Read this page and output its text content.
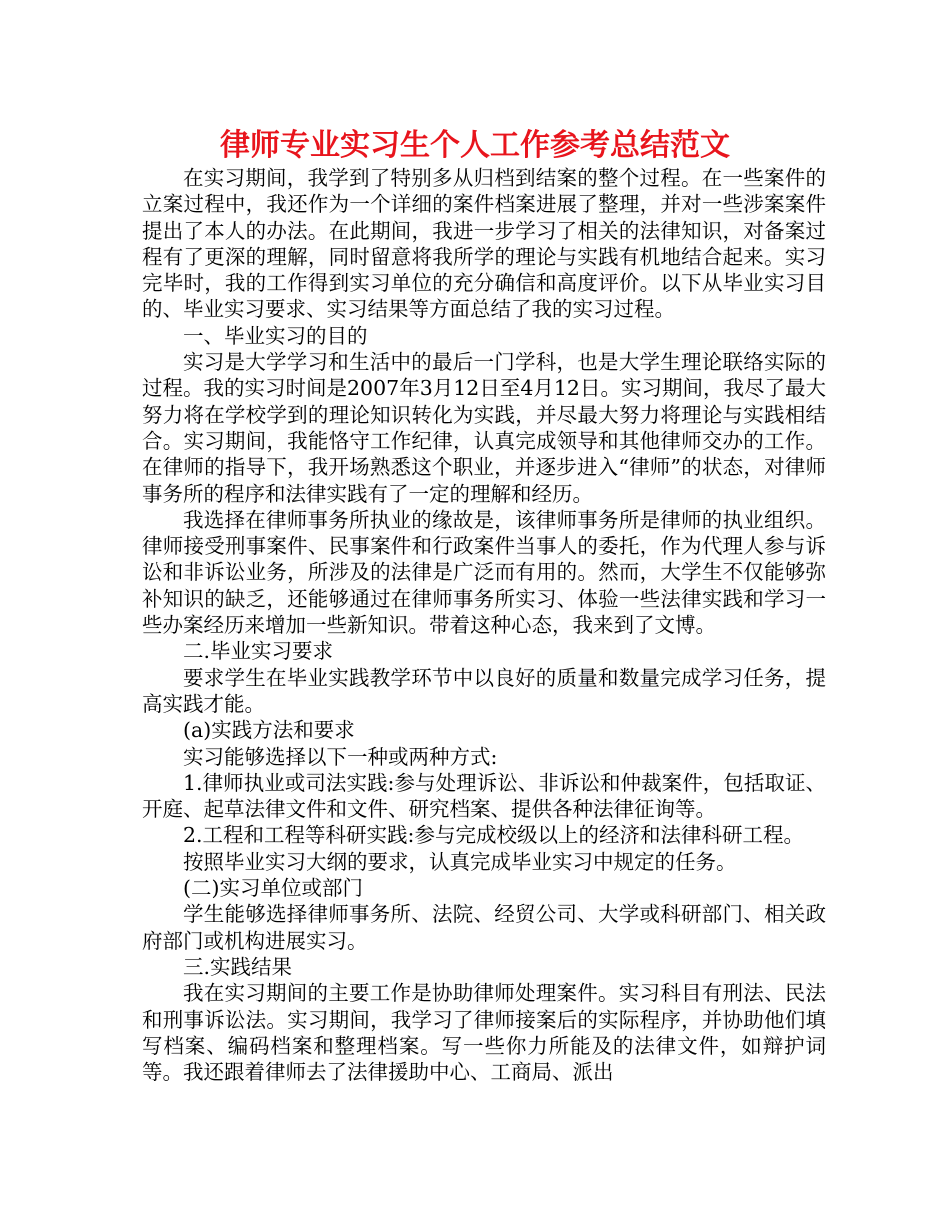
律师专业实习生个人工作参考总结范文

在实习期间，我学到了特别多从归档到结案的整个过程。在一些案件的立案过程中，我还作为一个详细的案件档案进展了整理，并对一些涉案案件提出了本人的办法。在此期间，我进一步学习了相关的法律知识，对备案过程有了更深的理解，同时留意将我所学的理论与实践有机地结合起来。实习完毕时，我的工作得到实习单位的充分确信和高度评价。以下从毕业实习目的、毕业实习要求、实习结果等方面总结了我的实习过程。

一、毕业实习的目的

实习是大学学习和生活中的最后一门学科，也是大学生理论联络实际的过程。我的实习时间是2007年3月12日至4月12日。实习期间，我尽了最大努力将在学校学到的理论知识转化为实践，并尽最大努力将理论与实践相结合。实习期间，我能恪守工作纪律，认真完成领导和其他律师交办的工作。在律师的指导下，我开场熟悉这个职业，并逐步进入“律师”的状态，对律师事务所的程序和法律实践有了一定的理解和经历。

我选择在律师事务所执业的缘故是，该律师事务所是律师的执业组织。律师接受刑事案件、民事案件和行政案件当事人的委托，作为代理人参与诉讼和非诉讼业务，所涉及的法律是广泛而有用的。然而，大学生不仅能够弥补知识的缺乏，还能够通过在律师事务所实习、体验一些法律实践和学习一些办案经历来增加一些新知识。带着这种心态，我来到了文博。

二.毕业实习要求

要求学生在毕业实践教学环节中以良好的质量和数量完成学习任务，提高实践才能。

(a)实践方法和要求

实习能够选择以下一种或两种方式:

1.律师执业或司法实践:参与处理诉讼、非诉讼和仲裁案件，包括取证、开庭、起草法律文件和文件、研究档案、提供各种法律征询等。

2.工程和工程等科研实践:参与完成校级以上的经济和法律科研工程。

按照毕业实习大纲的要求，认真完成毕业实习中规定的任务。

(二)实习单位或部门

学生能够选择律师事务所、法院、经贸公司、大学或科研部门、相关政府部门或机构进展实习。

三.实践结果

我在实习期间的主要工作是协助律师处理案件。实习科目有刑法、民法和刑事诉讼法。实习期间，我学习了律师接案后的实际程序，并协助他们填写档案、编码档案和整理档案。写一些你力所能及的法律文件，如辩护词等。我还跟着律师去了法律援助中心、工商局、派出
